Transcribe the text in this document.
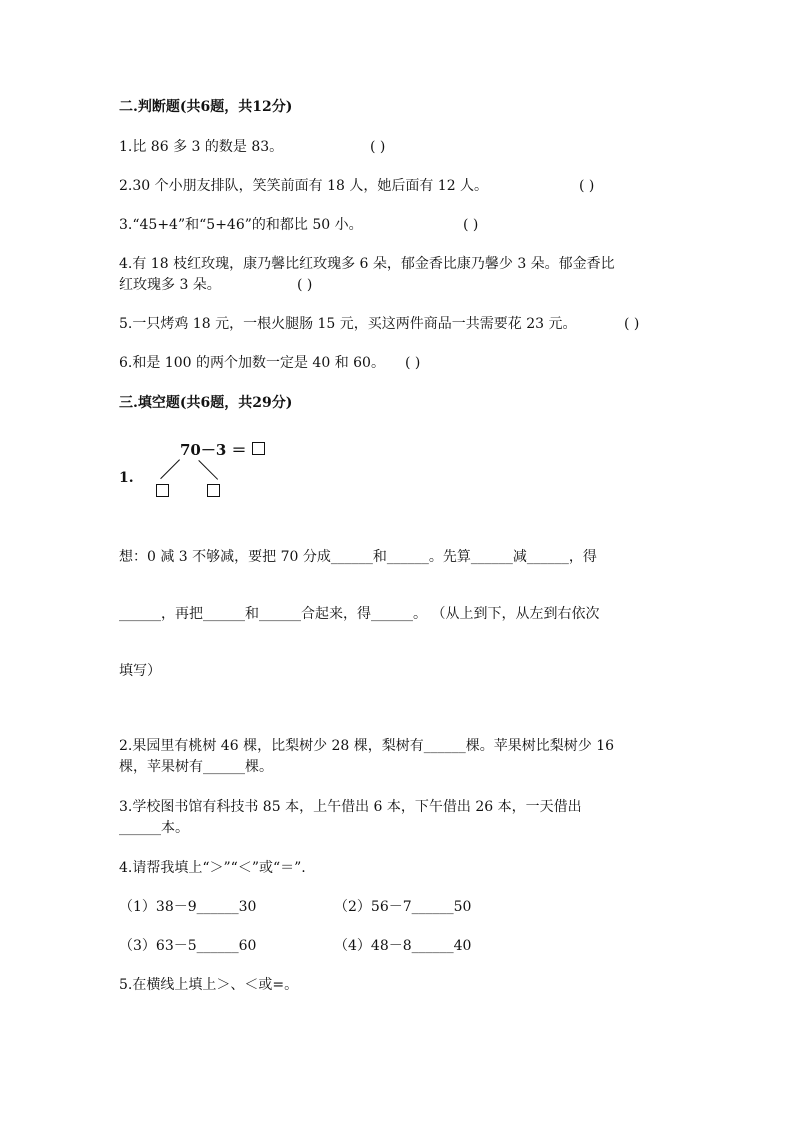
二.判断题(共6题，共12分)
1.比 86 多 3 的数是 83。	( )
2.30 个小朋友排队，笑笑前面有 18 人，她后面有 12 人。	( )
3.“45+4”和“5+46”的和都比 50 小。	( )
4.有 18 枝红玫瑰，康乃馨比红玫瑰多 6 朵，郁金香比康乃馨少 3 朵。郁金香比
红玫瑰多 3 朵。	( )
5.一只烤鸡 18 元，一根火腿肠 15 元，买这两件商品一共需要花 23 元。	( )
6.和是 100 的两个加数一定是 40 和 60。 ( )
三.填空题(共6题，共29分)
70－3 ＝
1.
想：0 减 3 不够减，要把 70 分成______和______。先算______减______，得
______，再把______和______合起来，得______。 （从上到下，从左到右依次
填写）
2.果园里有桃树 46 棵，比梨树少 28 棵，梨树有______棵。苹果树比梨树少 16
棵，苹果树有______棵。
3.学校图书馆有科技书 85 本，上午借出 6 本，下午借出 26 本，一天借出
______本。
4.请帮我填上“＞”“＜”或“＝”.
（1）38－9______30	（2）56－7______50
（3）63－5______60	（4）48－8______40
5.在横线上填上＞、＜或=。
